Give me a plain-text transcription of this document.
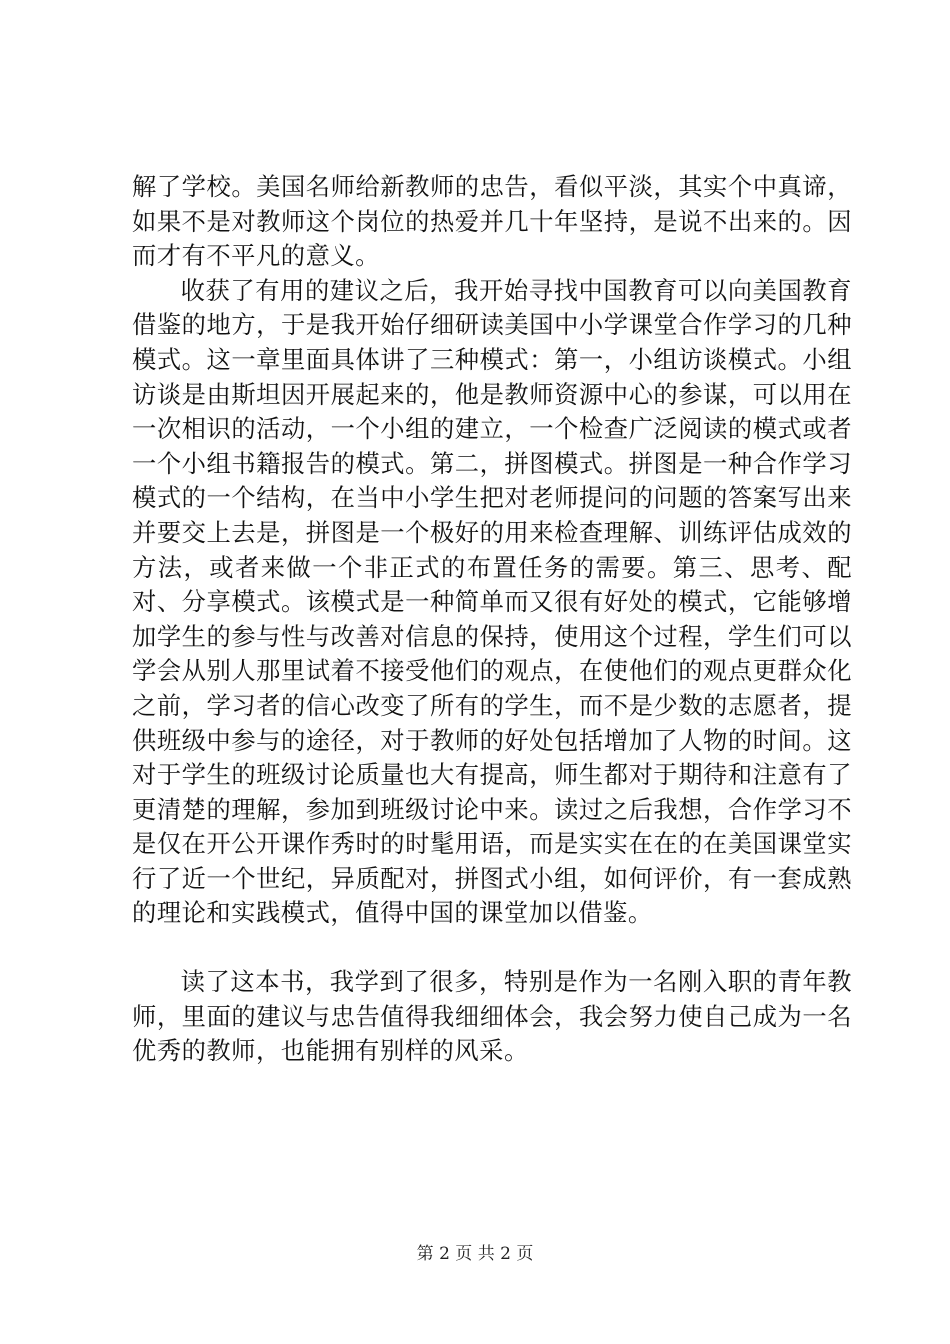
解了学校。美国名师给新教师的忠告，看似平淡，其实个中真谛，如果不是对教师这个岗位的热爱并几十年坚持，是说不出来的。因而才有不平凡的意义。

收获了有用的建议之后，我开始寻找中国教育可以向美国教育借鉴的地方，于是我开始仔细研读美国中小学课堂合作学习的几种模式。这一章里面具体讲了三种模式：第一，小组访谈模式。小组访谈是由斯坦因开展起来的，他是教师资源中心的参谋，可以用在一次相识的活动，一个小组的建立，一个检查广泛阅读的模式或者一个小组书籍报告的模式。第二，拼图模式。拼图是一种合作学习模式的一个结构，在当中小学生把对老师提问的问题的答案写出来并要交上去是，拼图是一个极好的用来检查理解、训练评估成效的方法，或者来做一个非正式的布置任务的需要。第三、思考、配对、分享模式。该模式是一种简单而又很有好处的模式，它能够增加学生的参与性与改善对信息的保持，使用这个过程，学生们可以学会从别人那里试着不接受他们的观点，在使他们的观点更群众化之前，学习者的信心改变了所有的学生，而不是少数的志愿者，提供班级中参与的途径，对于教师的好处包括增加了人物的时间。这对于学生的班级讨论质量也大有提高，师生都对于期待和注意有了更清楚的理解，参加到班级讨论中来。读过之后我想，合作学习不是仅在开公开课作秀时的时髦用语，而是实实在在的在美国课堂实行了近一个世纪，异质配对，拼图式小组，如何评价，有一套成熟的理论和实践模式，值得中国的课堂加以借鉴。

读了这本书，我学到了很多，特别是作为一名刚入职的青年教师，里面的建议与忠告值得我细细体会，我会努力使自己成为一名优秀的教师，也能拥有别样的风采。

第 2 页 共 2 页
